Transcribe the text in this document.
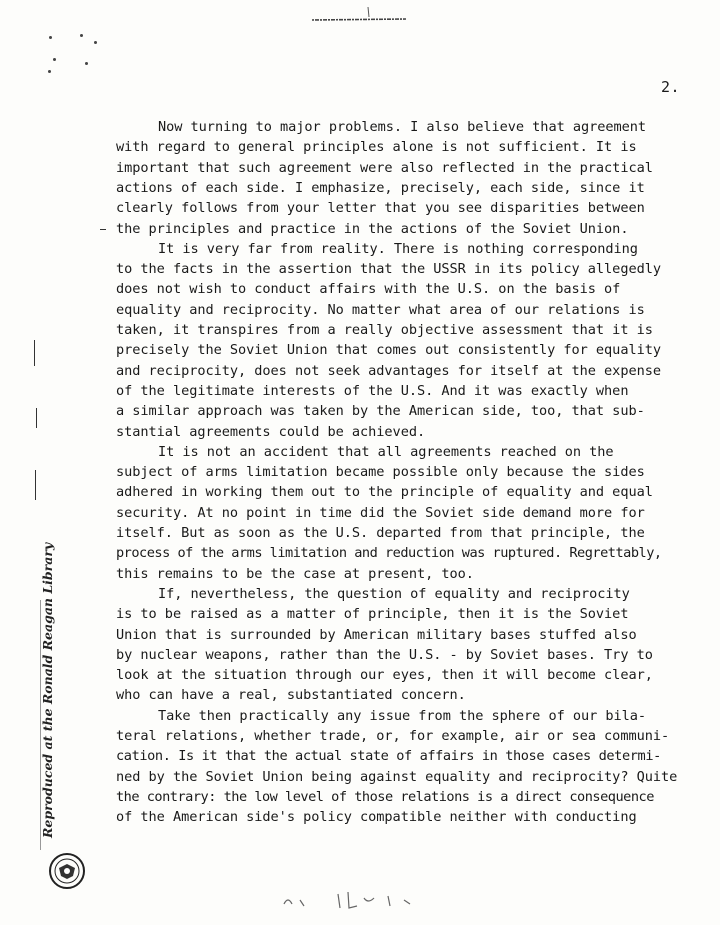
2.
Now turning to major problems. I also believe that agreement
with regard to general principles alone is not sufficient. It is
important that such agreement were also reflected in the practical
actions of each side. I emphasize, precisely, each side, since it
clearly follows from your letter that you see disparities between
the principles and practice in the actions of the Soviet Union.
It is very far from reality. There is nothing corresponding
to the facts in the assertion that the USSR in its policy allegedly
does not wish to conduct affairs with the U.S. on the basis of
equality and reciprocity. No matter what area of our relations is
taken, it transpires from a really objective assessment that it is
precisely the Soviet Union that comes out consistently for equality
and reciprocity, does not seek advantages for itself at the expense
of the legitimate interests of the U.S. And it was exactly when
a similar approach was taken by the American side, too, that sub-
stantial agreements could be achieved.
It is not an accident that all agreements reached on the
subject of arms limitation became possible only because the sides
adhered in working them out to the principle of equality and equal
security. At no point in time did the Soviet side demand more for
itself. But as soon as the U.S. departed from that principle, the
process of the arms limitation and reduction was ruptured. Regrettably,
this remains to be the case at present, too.
If, nevertheless, the question of equality and reciprocity
is to be raised as a matter of principle, then it is the Soviet
Union that is surrounded by American military bases stuffed also
by nuclear weapons, rather than the U.S. - by Soviet bases. Try to
look at the situation through our eyes, then it will become clear,
who can have a real, substantiated concern.
Take then practically any issue from the sphere of our bila-
teral relations, whether trade, or, for example, air or sea communi-
cation. Is it that the actual state of affairs in those cases determi-
ned by the Soviet Union being against equality and reciprocity? Quite
the contrary: the low level of those relations is a direct consequence
of the American side's policy compatible neither with conducting
Reproduced at the Ronald Reagan Library
